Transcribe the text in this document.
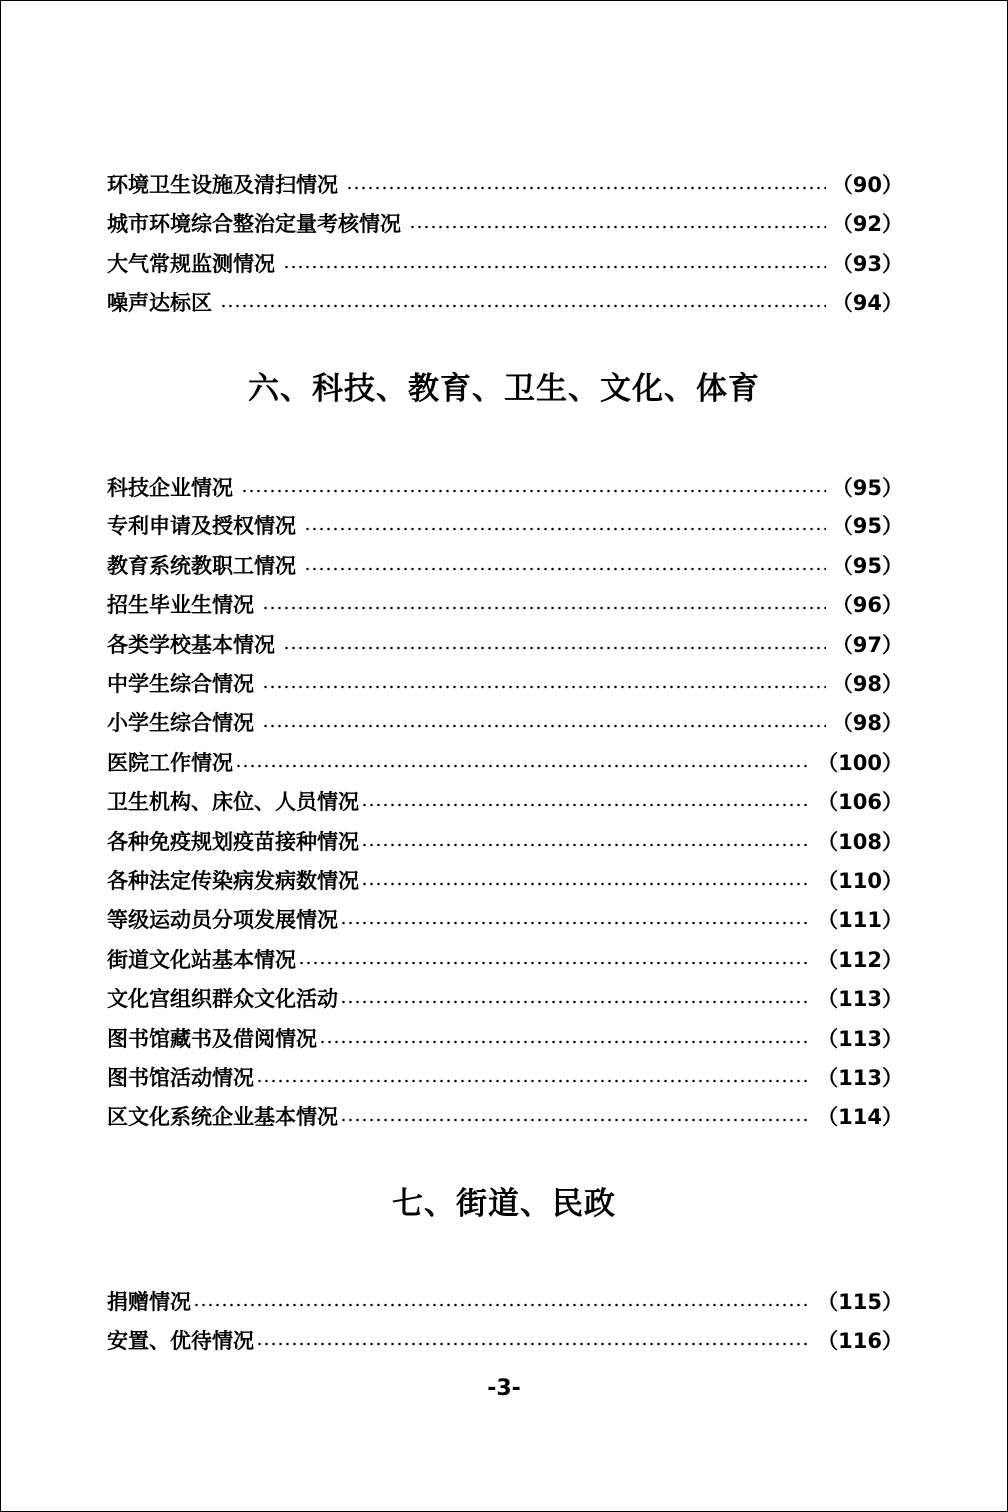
环境卫生设施及清扫情况	（90）
城市环境综合整治定量考核情况	（92）
大气常规监测情况	（93）
噪声达标区	（94）
六、科技、教育、卫生、文化、体育
科技企业情况	（95）
专利申请及授权情况	（95）
教育系统教职工情况	（95）
招生毕业生情况	（96）
各类学校基本情况	（97）
中学生综合情况	（98）
小学生综合情况	（98）
医院工作情况	（100）
卫生机构、床位、人员情况	（106）
各种免疫规划疫苗接种情况	（108）
各种法定传染病发病数情况	（110）
等级运动员分项发展情况	（111）
街道文化站基本情况	（112）
文化宫组织群众文化活动	（113）
图书馆藏书及借阅情况	（113）
图书馆活动情况	（113）
区文化系统企业基本情况	（114）
七、街道、民政
捐赠情况	（115）
安置、优待情况	（116）
-3-
